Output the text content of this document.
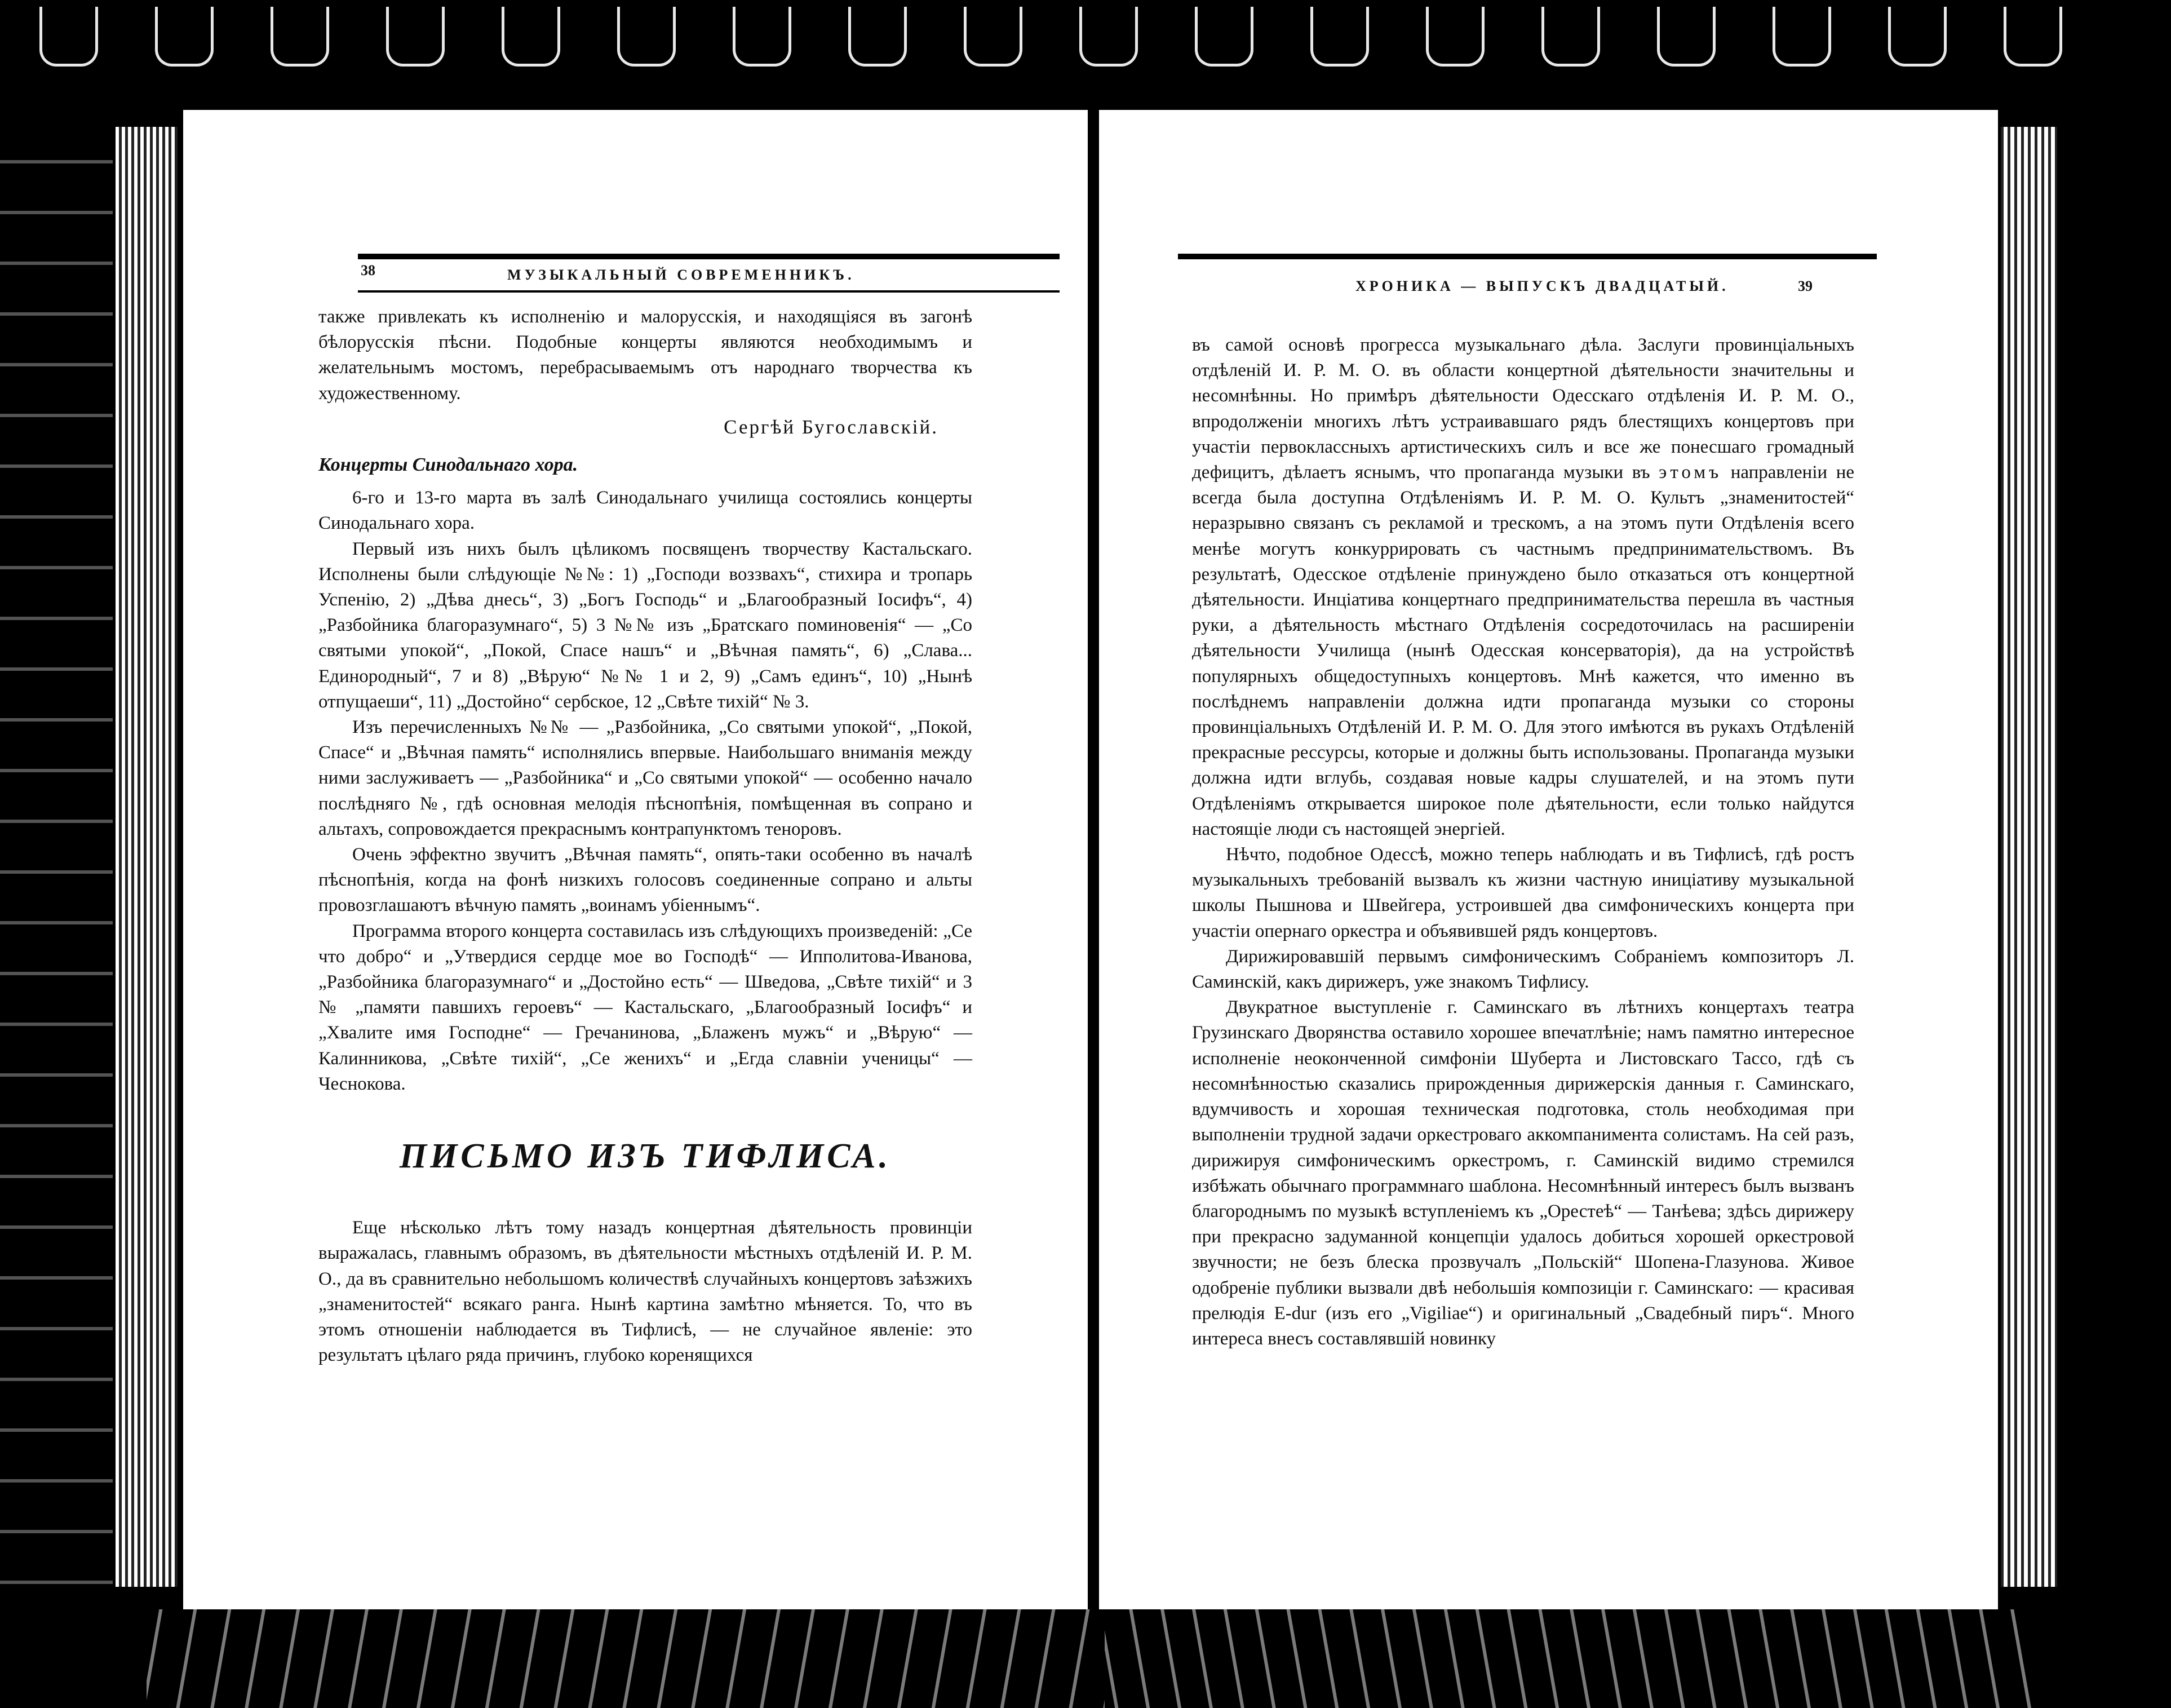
38	МУЗЫКАЛЬНЫЙ СОВРЕМЕННИКЪ.

также привлекать къ исполненію и малорусскія, и находящіяся въ загонѣ бѣлорусскія пѣсни. Подобные концерты являются необходимымъ и желательнымъ мостомъ, перебрасываемымъ отъ народнаго творчества къ художественному.

Сергѣй Бугославскій.

Концерты Синодальнаго хора.

6-го и 13-го марта въ залѣ Синодальнаго училища состоялись концерты Синодальнаго хора.

Первый изъ нихъ былъ цѣликомъ посвященъ творчеству Кастальскаго. Исполнены были слѣдующіе №№: 1) „Господи воззвахъ“, стихира и тропарь Успенію, 2) „Дѣва днесь“, 3) „Богъ Господь“ и „Благообразный Іосифъ“, 4) „Разбойника благоразумнаго“, 5) 3 №№ изъ „Братскаго поминовенія“ — „Со святыми упокой“, „Покой, Спасе нашъ“ и „Вѣчная память“, 6) „Слава... Единородный“, 7 и 8) „Вѣрую“ №№ 1 и 2, 9) „Самъ единъ“, 10) „Нынѣ отпущаеши“, 11) „Достойно“ сербское, 12 „Свѣте тихій“ № 3.

Изъ перечисленныхъ №№ — „Разбойника, „Со святыми упокой“, „Покой, Спасе“ и „Вѣчная память“ исполнялись впервые. Наибольшаго вниманія между ними заслуживаетъ — „Разбойника“ и „Со святыми упокой“ — особенно начало послѣдняго №, гдѣ основная мелодія пѣснопѣнія, помѣщенная въ сопрано и альтахъ, сопровождается прекраснымъ контрапунктомъ теноровъ.

Очень эффектно звучитъ „Вѣчная память“, опять-таки особенно въ началѣ пѣснопѣнія, когда на фонѣ низкихъ голосовъ соединенные сопрано и альты провозглашаютъ вѣчную память „воинамъ убіеннымъ“.

Программа второго концерта составилась изъ слѣдующихъ произведеній: „Се что добро“ и „Утвердися сердце мое во Господѣ“ — Ипполитова-Иванова, „Разбойника благоразумнаго“ и „Достойно есть“ — Шведова, „Свѣте тихій“ и 3 № „памяти павшихъ героевъ“ — Кастальскаго, „Благообразный Іосифъ“ и „Хвалите имя Господне“ — Гречанинова, „Блаженъ мужъ“ и „Вѣрую“ — Калинникова, „Свѣте тихій“, „Се женихъ“ и „Егда славніи ученицы“ — Чеснокова.

ПИСЬМО ИЗЪ ТИФЛИСА.

Еще нѣсколько лѣтъ тому назадъ концертная дѣятельность провинціи выражалась, главнымъ образомъ, въ дѣятельности мѣстныхъ отдѣленій И. Р. М. О., да въ сравнительно небольшомъ количествѣ случайныхъ концертовъ заѣзжихъ „знаменитостей“ всякаго ранга. Нынѣ картина замѣтно мѣняется. То, что въ этомъ отношеніи наблюдается въ Тифлисѣ, — не случайное явленіе: это результатъ цѣлаго ряда причинъ, глубоко коренящихся

ХРОНИКА — ВЫПУСКЪ ДВАДЦАТЫЙ.	39

въ самой основѣ прогресса музыкальнаго дѣла. Заслуги провинціальныхъ отдѣленій И. Р. М. О. въ области концертной дѣятельности значительны и несомнѣнны. Но примѣръ дѣятельности Одесскаго отдѣленія И. Р. М. О., впродолженіи многихъ лѣтъ устраивавшаго рядъ блестящихъ концертовъ при участіи первоклассныхъ артистическихъ силъ и все же понесшаго громадный дефицитъ, дѣлаетъ яснымъ, что пропаганда музыки въ этомъ направленіи не всегда была доступна Отдѣленіямъ И. Р. М. О. Культъ „знаменитостей“ неразрывно связанъ съ рекламой и трескомъ, а на этомъ пути Отдѣленія всего менѣе могутъ конкуррировать съ частнымъ предпринимательствомъ. Въ результатѣ, Одесское отдѣленіе принуждено было отказаться отъ концертной дѣятельности. Инціатива концертнаго предпринимательства перешла въ частныя руки, а дѣятельность мѣстнаго Отдѣленія сосредоточилась на расширеніи дѣятельности Училища (нынѣ Одесская консерваторія), да на устройствѣ популярныхъ общедоступныхъ концертовъ. Мнѣ кажется, что именно въ послѣднемъ направленіи должна идти пропаганда музыки со стороны провинціальныхъ Отдѣленій И. Р. М. О. Для этого имѣются въ рукахъ Отдѣленій прекрасные рессурсы, которые и должны быть использованы. Пропаганда музыки должна идти вглубь, создавая новые кадры слушателей, и на этомъ пути Отдѣленіямъ открывается широкое поле дѣятельности, если только найдутся настоящіе люди съ настоящей энергіей.

Нѣчто, подобное Одессѣ, можно теперь наблюдать и въ Тифлисѣ, гдѣ ростъ музыкальныхъ требованій вызвалъ къ жизни частную иниціативу музыкальной школы Пышнова и Швейгера, устроившей два симфоническихъ концерта при участіи опернаго оркестра и объявившей рядъ концертовъ.

Дирижировавшій первымъ симфоническимъ Собраніемъ композиторъ Л. Саминскій, какъ дирижеръ, уже знакомъ Тифлису.

Двукратное выступленіе г. Саминскаго въ лѣтнихъ концертахъ театра Грузинскаго Дворянства оставило хорошее впечатлѣніе; намъ памятно интересное исполненіе неоконченной симфоніи Шуберта и Листовскаго Тассо, гдѣ съ несомнѣнностью сказались прирожденныя дирижерскія данныя г. Саминскаго, вдумчивость и хорошая техническая подготовка, столь необходимая при выполненіи трудной задачи оркестроваго аккомпанимента солистамъ. На сей разъ, дирижируя симфоническимъ оркестромъ, г. Саминскій видимо стремился избѣжать обычнаго программнаго шаблона. Несомнѣнный интересъ былъ вызванъ благороднымъ по музыкѣ вступленіемъ къ „Орестеѣ“ — Танѣева; здѣсь дирижеру при прекрасно задуманной концепціи удалось добиться хорошей оркестровой звучности; не безъ блеска прозвучалъ „Польскій“ Шопена-Глазунова. Живое одобреніе публики вызвали двѣ небольшія композиціи г. Саминскаго: — красивая прелюдія E-dur (изъ его „Vigiliae“) и оригинальный „Свадебный пиръ“. Много интереса внесъ составлявшій новинку
